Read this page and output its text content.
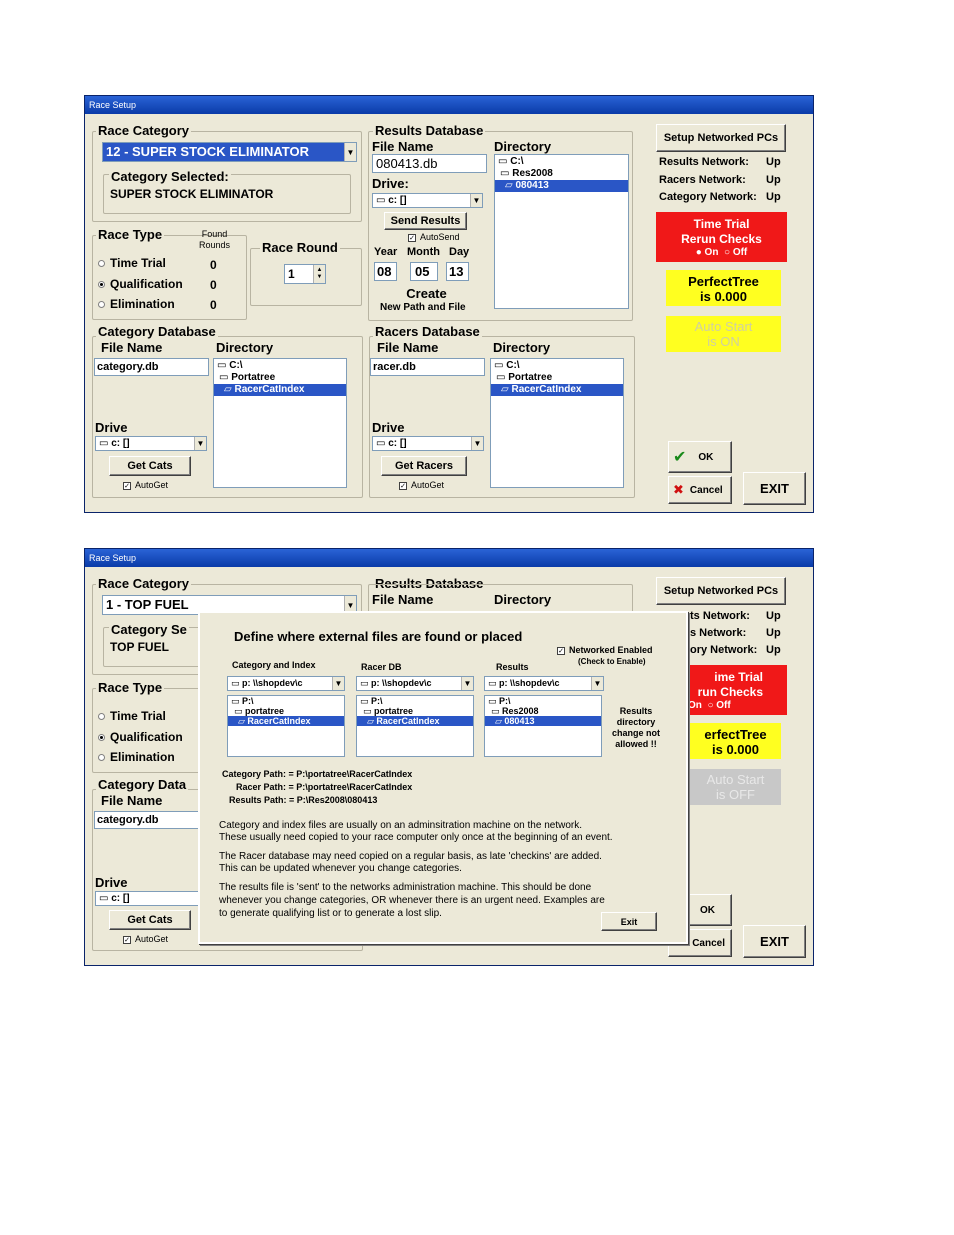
Race Setup
Race Category
12 - SUPER STOCK ELIMINATOR	▼
Category Selected:
SUPER STOCK ELIMINATOR
Race Type	Found
Rounds
Time Trial	0
Qualification 0
Elimination	0
Race Round
1	▲
▼
Results Database
File Name
080413.db
Drive:
▭ c: []	▼
Send Results
✓ AutoSend
Year Month Day
08	05	13
Create
New Path and File
Directory
▭ C:\
▭ Res2008
▱ 080413
Setup Networked PCs
Results Network: Up
Racers Network: Up
Category Network: Up
Time Trial
Rerun Checks
● On ○ Off
PerfectTree
is 0.000
Auto Start
is ON
Category Database
File Name	Directory
category.db	▭ C:\
▭ Portatree
▱ RacerCatIndex
Drive
▭ c: []	▼
Get Cats
✓ AutoGet
Racers Database
File Name	Directory
racer.db	▭ C:\
▭ Portatree
▱ RacerCatIndex
Drive
▭ c: []	▼
Get Racers
✓ AutoGet
✔ OK
✖ Cancel	EXIT
Race Setup
Race Category
1 - TOP FUEL	▼
Category Se
TOP FUEL
Results Database
File Name	Directory
Race Type
Time Trial
Qualification
Elimination
Category Data
File Name
category.db
Drive
▭ c: []
Get Cats
✓ AutoGet
Setup Networked PCs
ts Network: Up
s Network: Up
ory Network: Up
ime Trial
run Checks
On ○ Off
erfectTree
is 0.000
Auto Start
is OFF
OK
Cancel	EXIT
Define where external files are found or placed
✓ Networked Enabled
(Check to Enable)
Category and Index	Racer DB	Results
▭ p: \\shopdev\c	▼	▭ p: \\shopdev\c	▼	▭ p: \\shopdev\c	▼
▭ P:\
▭ portatree
▱ RacerCatIndex
▭ P:\
▭ portatree
▱ RacerCatIndex
▭ P:\
▭ Res2008
▱ 080413
Results
directory
change not
allowed !!
Category Path: = P:\portatree\RacerCatIndex
Racer Path: = P:\portatree\RacerCatIndex
Results Path: = P:\Res2008\080413
Category and index files are usually on an adminsitration machine on the network.
These usually need copied to your race computer only once at the beginning of an event.
The Racer database may need copied on a regular basis, as late 'checkins' are added.
This can be updated whenever you change categories.
The results file is 'sent' to the networks administration machine. This should be done
whenever you change categories, OR whenever there is an urgent need. Examples are
to generate qualifying list or to generate a lost slip.
Exit
